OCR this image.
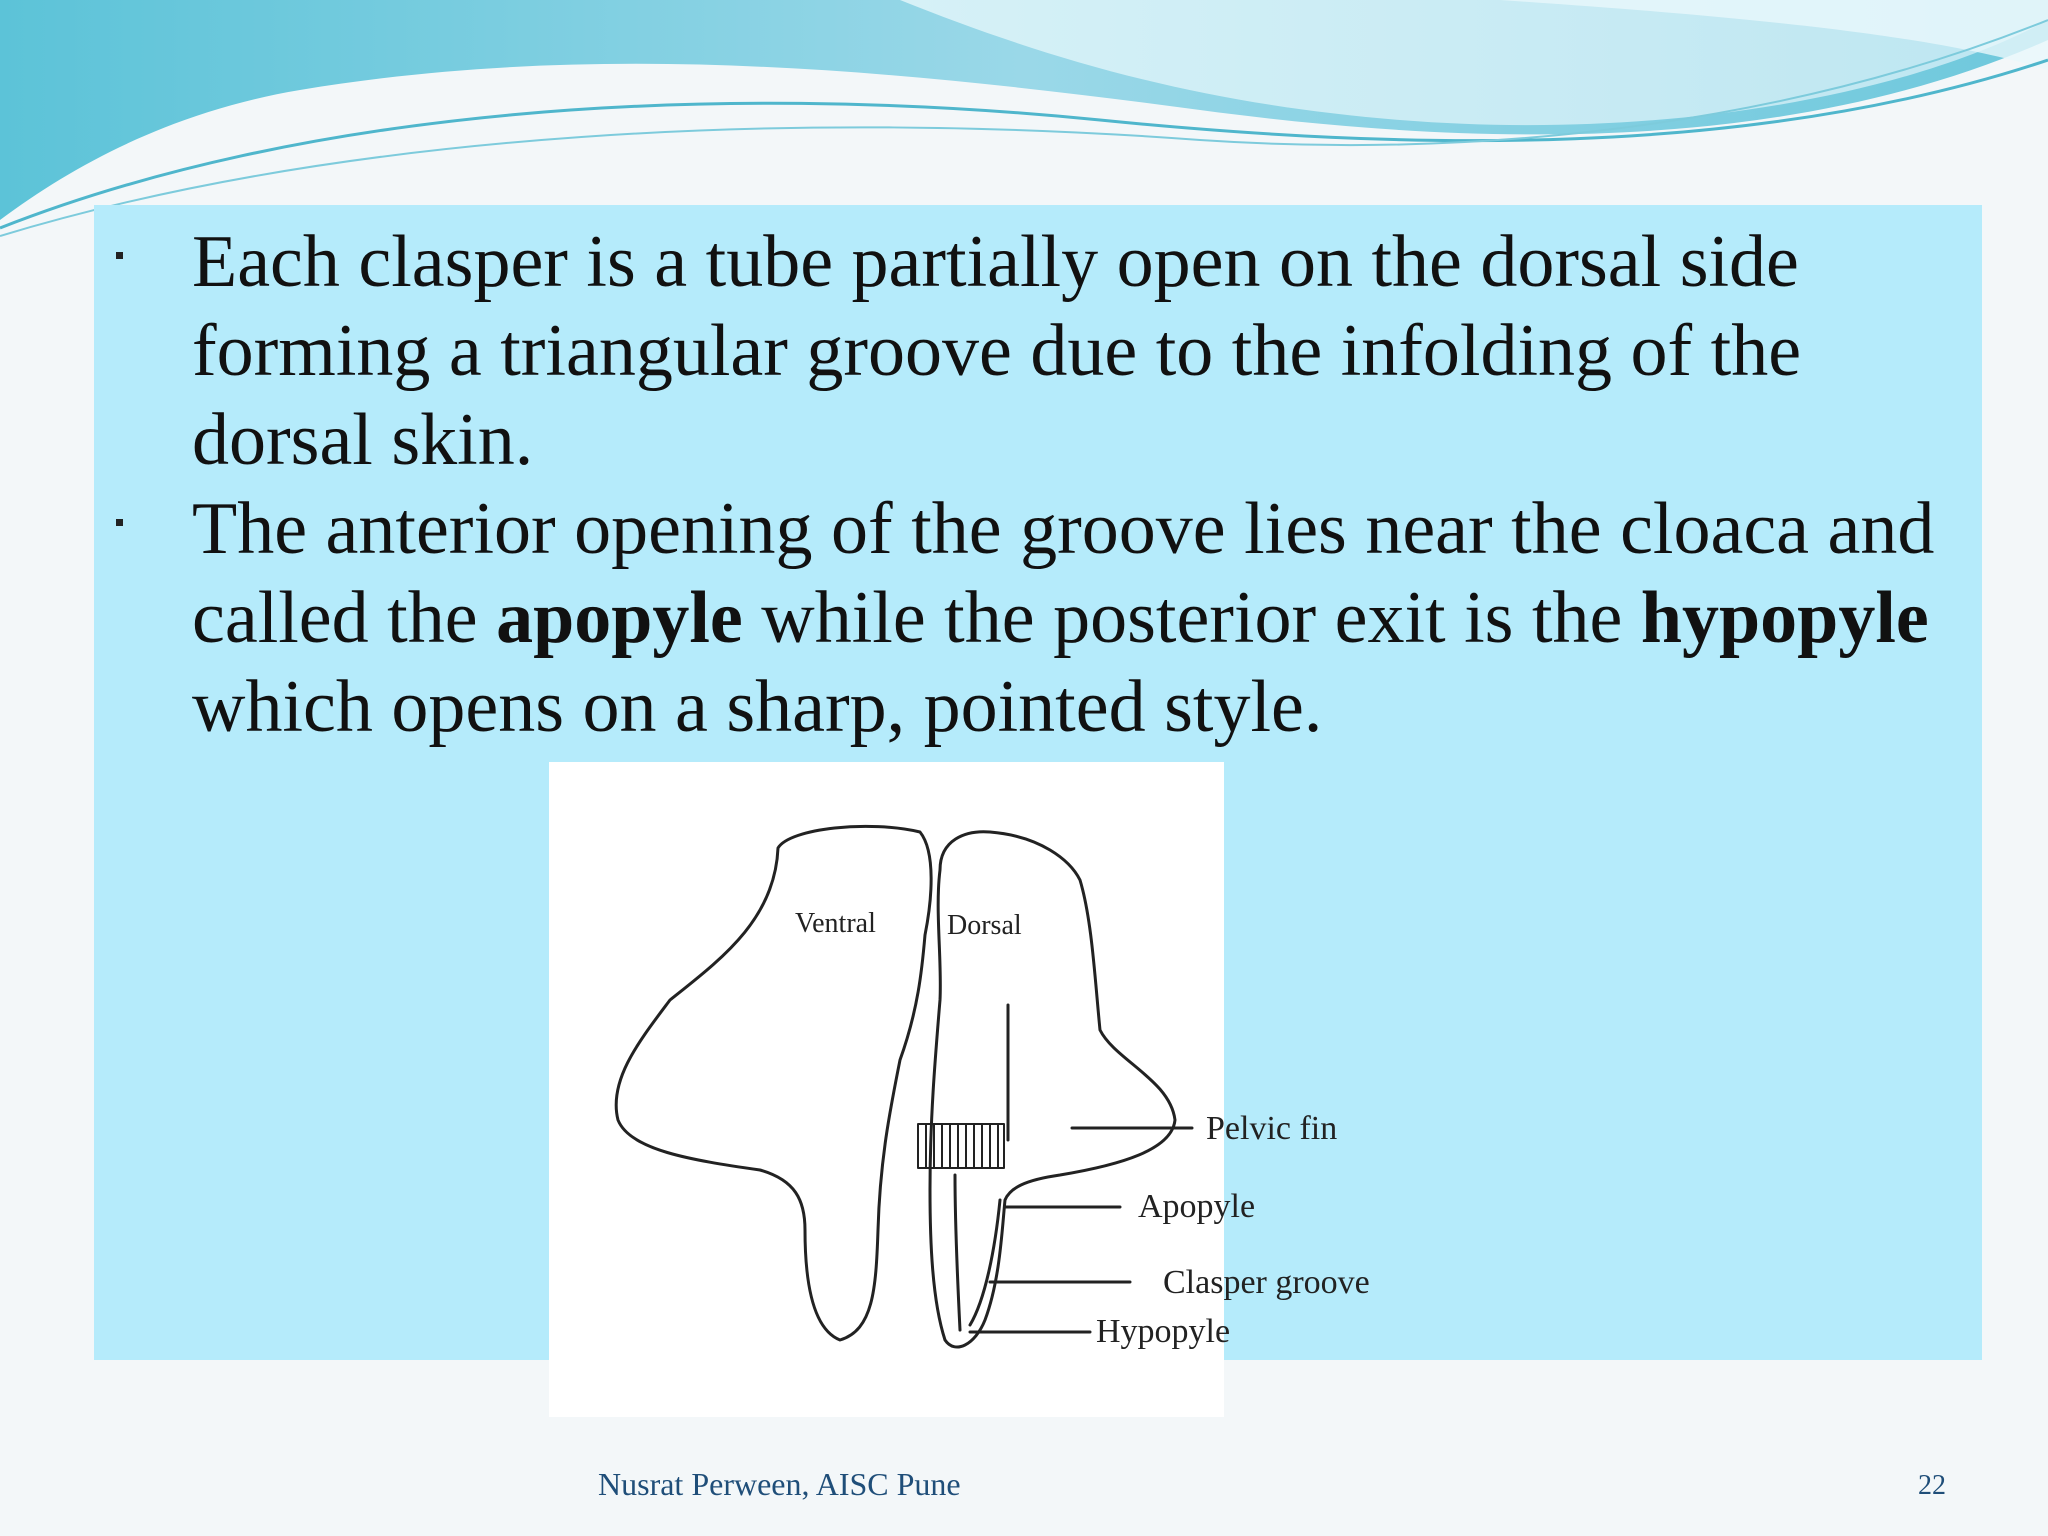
Each clasper is a tube partially open on the dorsal side forming a triangular groove due to the infolding of the dorsal skin.
The anterior opening of the groove lies near the cloaca and called the apopyle while the posterior exit is the hypopyle which opens on a sharp, pointed style.
Ventral	Dorsal
Pelvic fin
Apopyle
Clasper groove
Hypopyle
Nusrat Perween, AISC Pune	22
